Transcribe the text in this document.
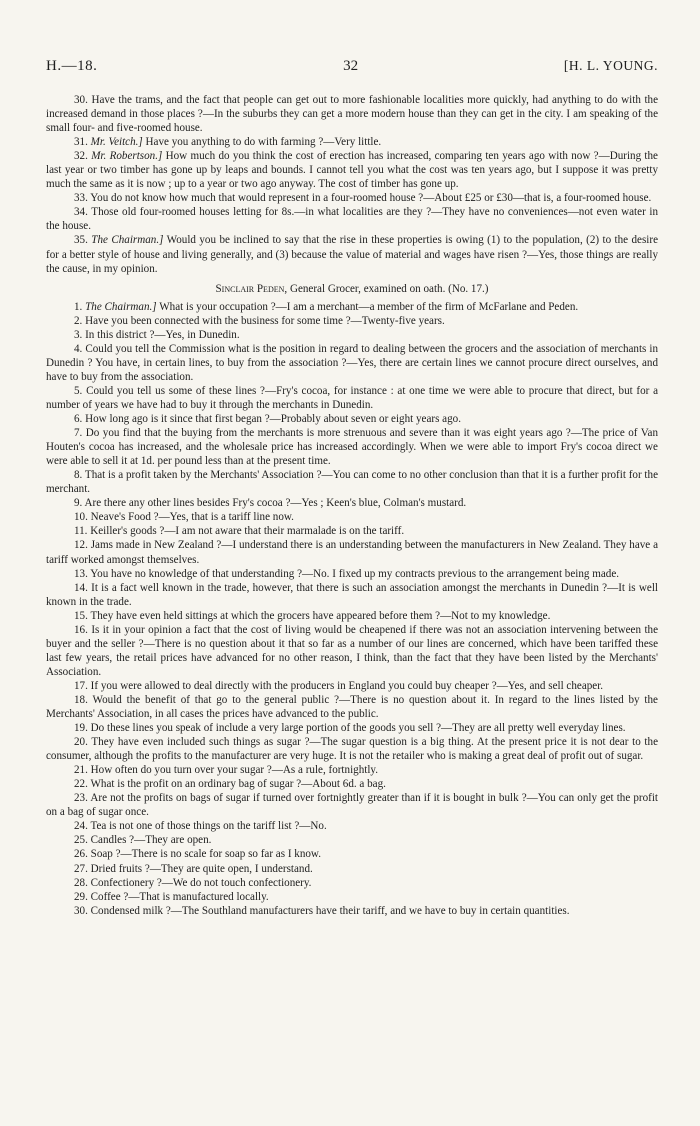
H.—18.	32	[H. L. YOUNG.

30. Have the trams, and the fact that people can get out to more fashionable localities more quickly, had anything to do with the increased demand in those places ?—In the suburbs they can get a more modern house than they can get in the city. I am speaking of the small four- and five-roomed house.

31. Mr. Veitch.] Have you anything to do with farming ?—Very little.

32. Mr. Robertson.] How much do you think the cost of erection has increased, comparing ten years ago with now ?—During the last year or two timber has gone up by leaps and bounds. I cannot tell you what the cost was ten years ago, but I suppose it was pretty much the same as it is now ; up to a year or two ago anyway. The cost of timber has gone up.

33. You do not know how much that would represent in a four-roomed house ?—About £25 or £30—that is, a four-roomed house.

34. Those old four-roomed houses letting for 8s.—in what localities are they ?—They have no conveniences—not even water in the house.

35. The Chairman.] Would you be inclined to say that the rise in these properties is owing (1) to the population, (2) to the desire for a better style of house and living generally, and (3) because the value of material and wages have risen ?—Yes, those things are really the cause, in my opinion.

Sinclair Peden, General Grocer, examined on oath. (No. 17.)

1. The Chairman.] What is your occupation ?—I am a merchant—a member of the firm of McFarlane and Peden.

2. Have you been connected with the business for some time ?—Twenty-five years.

3. In this district ?—Yes, in Dunedin.

4. Could you tell the Commission what is the position in regard to dealing between the grocers and the association of merchants in Dunedin ? You have, in certain lines, to buy from the association ?—Yes, there are certain lines we cannot procure direct ourselves, and have to buy from the association.

5. Could you tell us some of these lines ?—Fry's cocoa, for instance : at one time we were able to procure that direct, but for a number of years we have had to buy it through the merchants in Dunedin.

6. How long ago is it since that first began ?—Probably about seven or eight years ago.

7. Do you find that the buying from the merchants is more strenuous and severe than it was eight years ago ?—The price of Van Houten's cocoa has increased, and the wholesale price has increased accordingly. When we were able to import Fry's cocoa direct we were able to sell it at 1d. per pound less than at the present time.

8. That is a profit taken by the Merchants' Association ?—You can come to no other conclusion than that it is a further profit for the merchant.

9. Are there any other lines besides Fry's cocoa ?—Yes ; Keen's blue, Colman's mustard.

10. Neave's Food ?—Yes, that is a tariff line now.

11. Keiller's goods ?—I am not aware that their marmalade is on the tariff.

12. Jams made in New Zealand ?—I understand there is an understanding between the manufacturers in New Zealand. They have a tariff worked amongst themselves.

13. You have no knowledge of that understanding ?—No. I fixed up my contracts previous to the arrangement being made.

14. It is a fact well known in the trade, however, that there is such an association amongst the merchants in Dunedin ?—It is well known in the trade.

15. They have even held sittings at which the grocers have appeared before them ?—Not to my knowledge.

16. Is it in your opinion a fact that the cost of living would be cheapened if there was not an association intervening between the buyer and the seller ?—There is no question about it that so far as a number of our lines are concerned, which have been tariffed these last few years, the retail prices have advanced for no other reason, I think, than the fact that they have been listed by the Merchants' Association.

17. If you were allowed to deal directly with the producers in England you could buy cheaper ?—Yes, and sell cheaper.

18. Would the benefit of that go to the general public ?—There is no question about it. In regard to the lines listed by the Merchants' Association, in all cases the prices have advanced to the public.

19. Do these lines you speak of include a very large portion of the goods you sell ?—They are all pretty well everyday lines.

20. They have even included such things as sugar ?—The sugar question is a big thing. At the present price it is not dear to the consumer, although the profits to the manufacturer are very huge. It is not the retailer who is making a great deal of profit out of sugar.

21. How often do you turn over your sugar ?—As a rule, fortnightly.

22. What is the profit on an ordinary bag of sugar ?—About 6d. a bag.

23. Are not the profits on bags of sugar if turned over fortnightly greater than if it is bought in bulk ?—You can only get the profit on a bag of sugar once.

24. Tea is not one of those things on the tariff list ?—No.

25. Candles ?—They are open.

26. Soap ?—There is no scale for soap so far as I know.

27. Dried fruits ?—They are quite open, I understand.

28. Confectionery ?—We do not touch confectionery.

29. Coffee ?—That is manufactured locally.

30. Condensed milk ?—The Southland manufacturers have their tariff, and we have to buy in certain quantities.
